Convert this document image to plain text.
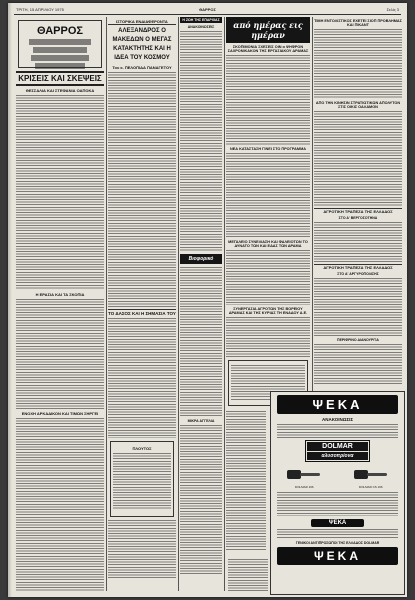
ΤΡΙΤΗ, 15 ΑΠΡΙΛΙΟΥ 1975	ΘΑΡΡΟΣ	Σελίς 3
ΘΑΡΡΟΣ
ΚΡΙΣΕΙΣ ΚΑΙ ΣΚΕΨΕΙΣ
ΘΕΣΣΑΛΙΑ ΚΑΙ ΣΤΕΦΑΝΙΑ ΟΑΠΟΚΑ
Η ΕΡΑΣΙΑ ΚΑΙ ΤΑ ΣΚΟΠΙΑ
ΕΝΟΧΗ ΑΡΚΑΔΙΚΟΝ ΚΑΙ ΤΙΜΩΝ ΣΗΡΓΕΙ
ΙΣΤΟΡΙΚΑ ΕΝΔΙΑΦΕΡΟΝΤΑ
ΑΛΕΞΑΝΔΡΟΣ Ο ΜΑΚΕΔΩΝ Ο ΜΕΓΑΣ ΚΑΤΑΚΤΗΤΗΣ ΚΑΙ Η ΙΔΕΑ ΤΟΥ ΚΟΣΜΟΥ
Του κ. ΠΕΛΟΠΙΔΑ ΠΑΝΑΓΕΤΟΥ
ΤΟ ΔΑΣΟΣ ΚΑΙ Η ΣΗΜΑΣΙΑ ΤΟΥ
ΠΛΟΥΤΟΣ
Η ΖΩΗ ΤΗΣ ΕΠΑΡΧΙΑΣ
ΑΝΑΚΟΙΝΩΣΕΙΣ
Βιοφορικό
ΜΙΚΡΑ ΑΓΓΕΛΙΑ
από ημέρας εις ημέραν
ΣΚΟΠΙΜΟΝΙΑ ΣΧΕΣΕΙΣ ΟΙΝ α ΨΗΦΡΟΝ ΣΑΧΡΟΝΙΚΑΚΟΝ ΤΗΣ ΕΡΓΑΣΙΑΚΟΥ ΔΡΑΜΑΣ
ΝΕΑ ΚΑΤΑΣΤΑΣΗ ΓΙΝΕΙ ΣΤΟ ΠΡΟΓΡΑΜΜΑ
ΜΕΓΑΛΕΙΟ ΣΥΝΕΛΙΑΣΗ ΚΑΙ ΦΑΛΕΙΟΤΩΝ ΤΟ ΔΥΝΑΤΟ ΤΩΝ ΚΑΙ ΕΔΑΣ ΤΩΝ ΔΡΑΜΑ
ΣΥΝΕΡΓΑΣΙΑ ΑΓΡΟΤΩΝ ΤΗΣ ΒΟΡΕΙΟΥ ΔΡΑΜΑΣ ΚΑΙ ΤΗΣ ΚΥΡΙΑΣ ΤΗ ΕΝΑΔΟΥ Α.Ε.

ΤΙΜΗ ΕΝΤΟΛΙΣΤΙΚΟΣ ΕΧΕΤΕΙ ΣΙΟΠ ΠΡΟΒΛΗΜΑΣ ΚΑΙ ΠΙΚΑΝΤ
ΑΠΟ ΤΗΝ ΚΙΝΗΣΙΝ ΣΤΡΑΤΙΩΤΙΚΩΝ ΑΠΟΛΥΤΟΝ ΣΤΙΣ ΟΙΚΙΣ ΟΑΛΑΜΟΝ
ΑΓΡΟΤΙΚΗ ΤΡΑΠΕΖΑ ΤΗΣ ΕΛΛΑΔΟΣ
ΣΤΟ Α' ΒΕΡΓΟΣΟΤΗΝΑ
ΑΓΡΟΤΙΚΗ ΤΡΑΠΕΖΑ ΤΗΣ ΕΛΛΑΔΟΣ
ΣΤΟ Α' ΑΡΓΥΡΟΠΟΛΙΣΗΣ
ΠΕΡΙΦΡΙΝΟ ΔΙΑΝΟΥΡΓΙΑ
ΨΕΚΑ
ΑΝΑΚΟΙΝΩΣΙΣ
DOLMAR
αλυσοπρίονα
DOLMAR 166	DOLMAR CS 166
ΨΕΚΑ
ΓΕΝΙΚΟΙ ΑΝΤΙΠΡΟΣΩΠΟΙ ΤΗΣ ΕΛΛΑΔΟΣ DOLMAR
ΨΕΚΑ
